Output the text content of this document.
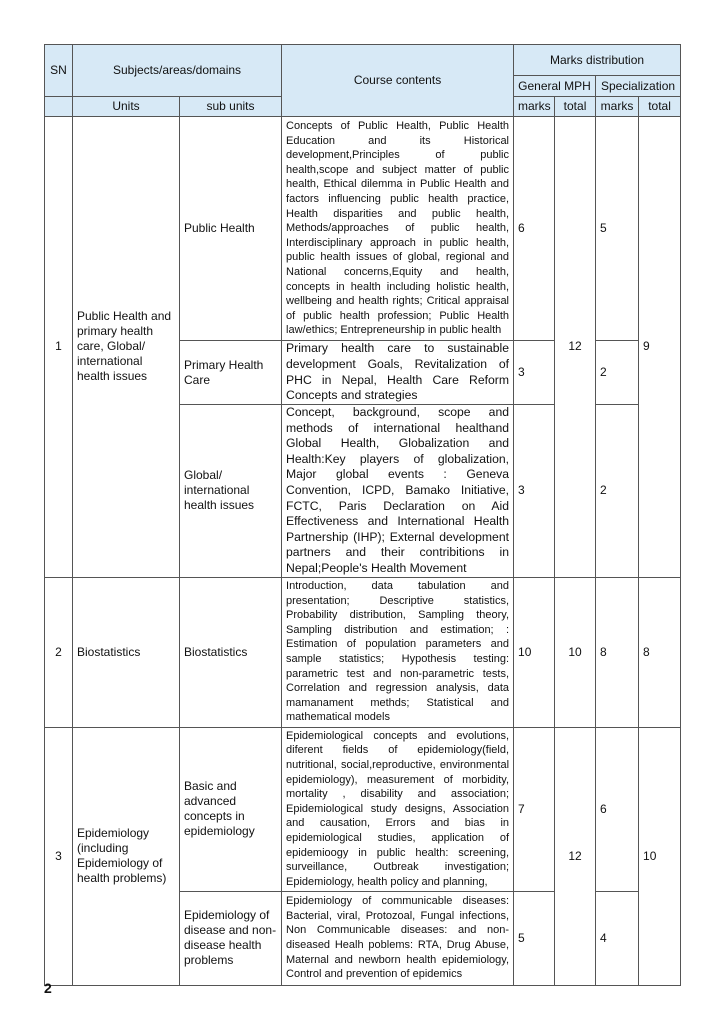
SN	Subjects/areas/domains		Course contents	Marks distribution			
				General MPH		Specialization	
	Units	sub units		marks	total	marks	total
1	Public Health and primary health care, Global/ international health issues	Public Health	Concepts of Public Health, Public Health Education and its Historical development,Principles of public health,scope and subject matter of public health, Ethical dilemma in Public Health and factors influencing public health practice, Health disparities and public health, Methods/approaches of public health, Interdisciplinary approach in public health, public health issues of global, regional and National concerns,Equity and health, concepts in health including holistic health, wellbeing and health rights; Critical appraisal of public health profession; Public Health law/ethics; Entrepreneurship in public health	6	12	5	9
		Primary Health Care	Primary health care to sustainable development Goals, Revitalization of PHC in Nepal, Health Care Reform Concepts and strategies	3		2	
		Global/ international health issues	Concept, background, scope and methods of international healthand Global Health, Globalization and Health:Key players of globalization, Major global events : Geneva Convention, ICPD, Bamako Initiative, FCTC, Paris Declaration on Aid Effectiveness and International Health Partnership (IHP); External development partners and their contribitions in Nepal;People's Health Movement	3		2	
2	Biostatistics	Biostatistics	Introduction, data tabulation and presentation; Descriptive statistics, Probability distribution, Sampling theory, Sampling distribution and estimation; : Estimation of population parameters and sample statistics; Hypothesis testing: parametric test and non-parametric tests, Correlation and regression analysis, data mamanament methds; Statistical and mathematical models	10	10	8	8
3	Epidemiology (including Epidemiology of health problems)	Basic and advanced concepts in epidemiology	Epidemiological concepts and evolutions, diferent fields of epidemiology(field, nutritional, social,reproductive, environmental epidemiology), measurement of morbidity, mortality , disability and association; Epidemiological study designs, Association and causation, Errors and bias in epidemiological studies, application of epidemioogy in public health: screening, surveillance, Outbreak investigation; Epidemiology, health policy and planning,	7	12	6	10
		Epidemiology of disease and non-disease health problems	Epidemiology of communicable diseases: Bacterial, viral, Protozoal, Fungal infections, Non Communicable diseases: and non-diseased Healh poblems: RTA, Drug Abuse, Maternal and newborn health epidemiology, Control and prevention of epidemics	5		4	
2
